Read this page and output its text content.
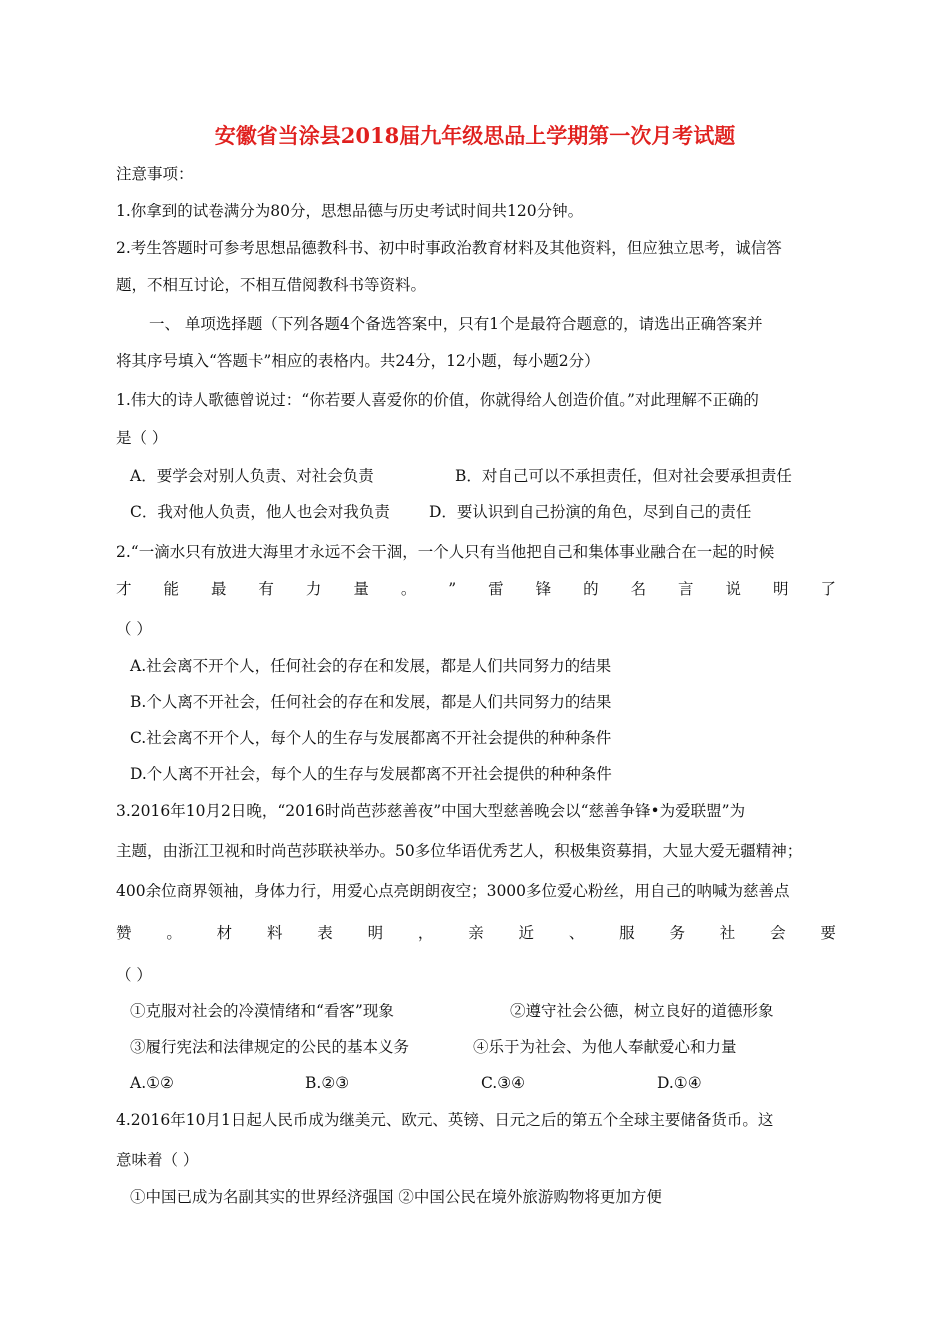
安徽省当涂县2018届九年级思品上学期第一次月考试题
注意事项：
1.你拿到的试卷满分为80分，思想品德与历史考试时间共120分钟。
2.考生答题时可参考思想品德教科书、初中时事政治教育材料及其他资料，但应独立思考，诚信答
题，不相互讨论，不相互借阅教科书等资料。
一、 单项选择题（下列各题4个备选答案中，只有1个是最符合题意的，请选出正确答案并
将其序号填入“答题卡”相应的表格内。共24分，12小题，每小题2分）
1.伟大的诗人歌德曾说过：“你若要人喜爱你的价值，你就得给人创造价值。”对此理解不正确的
是（ ）
A．要学会对别人负责、对社会负责	B．对自己可以不承担责任，但对社会要承担责任
C．我对他人负责，他人也会对我负责	D．要认识到自己扮演的角色，尽到自己的责任
2.“一滴水只有放进大海里才永远不会干涸，一个人只有当他把自己和集体事业融合在一起的时候
才 能 最 有 力 量 。 ” 雷 锋 的 名 言 说 明 了
（ ）
A.社会离不开个人，任何社会的存在和发展，都是人们共同努力的结果
B.个人离不开社会，任何社会的存在和发展，都是人们共同努力的结果
C.社会离不开个人，每个人的生存与发展都离不开社会提供的种种条件
D.个人离不开社会，每个人的生存与发展都离不开社会提供的种种条件
3.2016年10月2日晚，“2016时尚芭莎慈善夜”中国大型慈善晚会以“慈善争锋•为爱联盟”为
主题，由浙江卫视和时尚芭莎联袂举办。50多位华语优秀艺人，积极集资募捐，大显大爱无疆精神；
400余位商界领袖，身体力行，用爱心点亮朗朗夜空；3000多位爱心粉丝，用自己的呐喊为慈善点
赞 。 材 料 表 明 ， 亲 近 、 服 务 社 会 要
（ ）
①克服对社会的冷漠情绪和“看客”现象	②遵守社会公德，树立良好的道德形象
③履行宪法和法律规定的公民的基本义务	④乐于为社会、为他人奉献爱心和力量
A.①②	B.②③	C.③④	D.①④
4.2016年10月1日起人民币成为继美元、欧元、英镑、日元之后的第五个全球主要储备货币。这
意味着（ ）
①中国已成为名副其实的世界经济强国 ②中国公民在境外旅游购物将更加方便
